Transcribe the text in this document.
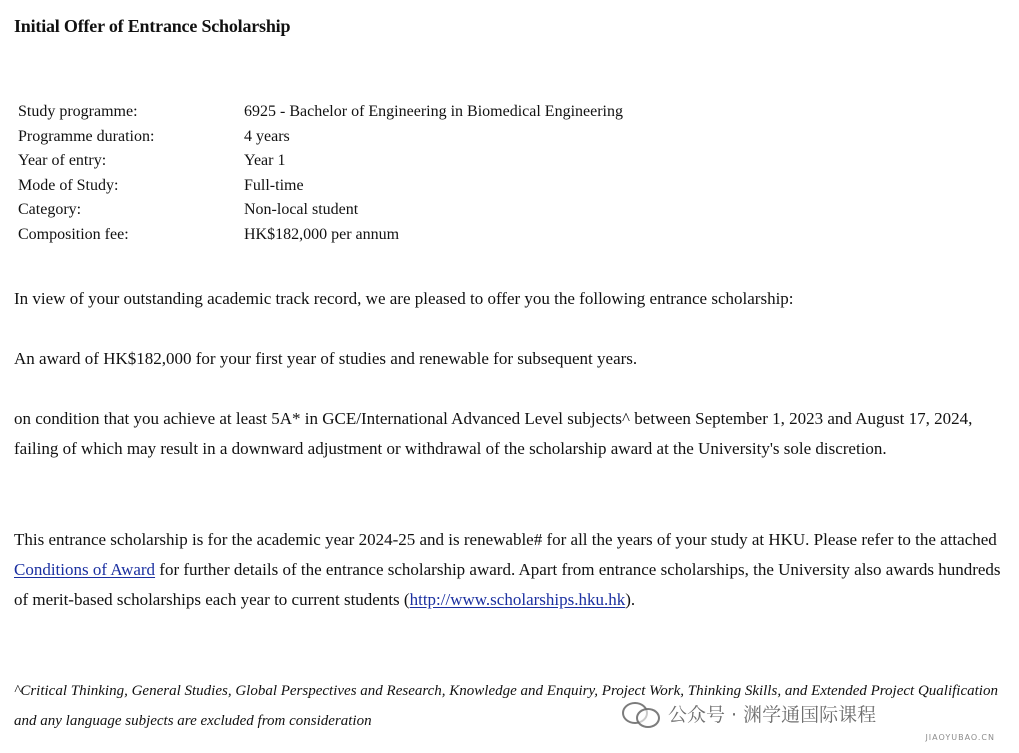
Initial Offer of Entrance Scholarship
Study programme:	6925 - Bachelor of Engineering in Biomedical Engineering
Programme duration:	4 years
Year of entry:	Year 1
Mode of Study:	Full-time
Category:	Non-local student
Composition fee:	HK$182,000 per annum
In view of your outstanding academic track record, we are pleased to offer you the following entrance scholarship:
An award of HK$182,000 for your first year of studies and renewable for subsequent years.
on condition that you achieve at least 5A* in GCE/International Advanced Level subjects^ between September 1, 2023 and August 17, 2024, failing of which may result in a downward adjustment or withdrawal of the scholarship award at the University's sole discretion.
This entrance scholarship is for the academic year 2024-25 and is renewable# for all the years of your study at HKU. Please refer to the attached Conditions of Award for further details of the entrance scholarship award. Apart from entrance scholarships, the University also awards hundreds of merit-based scholarships each year to current students (http://www.scholarships.hku.hk).
^Critical Thinking, General Studies, Global Perspectives and Research, Knowledge and Enquiry, Project Work, Thinking Skills, and Extended Project Qualification and any language subjects are excluded from consideration	公众号 · 渊学通国际课程
JIAOYUBAO.CN
